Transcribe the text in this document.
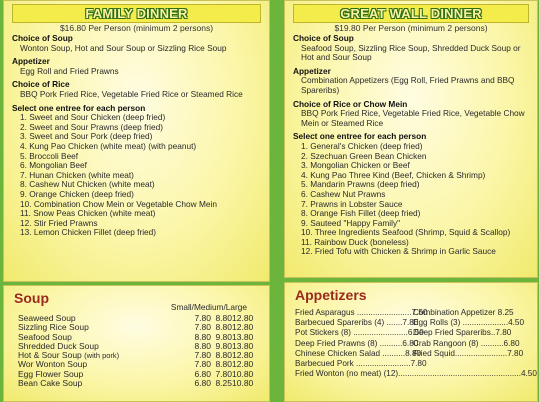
FAMILY DINNER
$16.80 Per Person (minimum 2 persons)
Choice of Soup
Wonton Soup, Hot and Sour Soup or Sizzling Rice Soup
Appetizer
Egg Roll and Fried Prawns
Choice of Rice
BBQ Pork Fried Rice, Vegetable Fried Rice or Steamed Rice
Select one entree for each person
1. Sweet and Sour Chicken (deep fried)
2. Sweet and Sour Prawns (deep fried)
3. Sweet and Sour Pork (deep fried)
4. Kung Pao Chicken (white meat) (with peanut)
5. Broccoli Beef
6. Mongolian Beef
7. Hunan Chicken (white meat)
8. Cashew Nut Chicken (white meat)
9. Orange Chicken (deep fried)
10. Combination Chow Mein or Vegetable Chow Mein
11. Snow Peas Chicken (white meat)
12. Stir Fried Prawns
13. Lemon Chicken Fillet (deep fried)
GREAT WALL DINNER
$19.80 Per Person (minimum 2 persons)
Choice of Soup
Seafood Soup, Sizzling Rice Soup, Shredded Duck Soup or Hot and Sour Soup
Appetizer
Combination Appetizers (Egg Roll, Fried Prawns and BBQ Spareribs)
Choice of Rice or Chow Mein
BBQ Pork Fried Rice, Vegetable Fried Rice, Vegetable Chow Mein or Steamed Rice
Select one entree for each person
1. General's Chicken (deep fried)
2. Szechuan Green Bean Chicken
3. Mongolian Chicken or Beef
4. Kung Pao Three Kind (Beef, Chicken & Shrimp)
5. Mandarin Prawns (deep fried)
6. Cashew Nut Prawns
7. Prawns in Lobster Sauce
8. Orange Fish Fillet (deep fried)
9. Sauteed "Happy Family"
10. Three Ingredients Seafood (Shrimp, Squid & Scallop)
11. Rainbow Duck (boneless)
12. Fried Tofu with Chicken & Shrimp in Garlic Sauce
Soup
Small/Medium/Large
Seaweed Soup	7.80 8.80 12.80
Sizzling Rice Soup	7.80 8.80 12.80
Seafood Soup	8.80 9.80 13.80
Shredded Duck Soup	8.80 9.80 13.80
Hot & Sour Soup (with pork)	7.80 8.80 12.80
Wor Wonton Soup	7.80 8.80 12.80
Egg Flower Soup	6.80 7.80 10.80
Bean Cake Soup	6.80 8.25 10.80
Appetizers
Fried Asparagus ........................7.50
Combination Appetizer 8.25
Barbecued Spareribs (4) .......7.80
Egg Rolls (3) ....................4.50
Pot Stickers (8) ........................6.50
Deep Fried Spareribs..7.80
Deep Fried Prawns (8) ..........6.80
Crab Rangoon (8) ..........6.80
Chinese Chicken Salad ..........8.80
Fried Squid.......................7.80
Barbecued Pork ........................7.80
Fried Wonton (no meat) (12)......................................................4.50
